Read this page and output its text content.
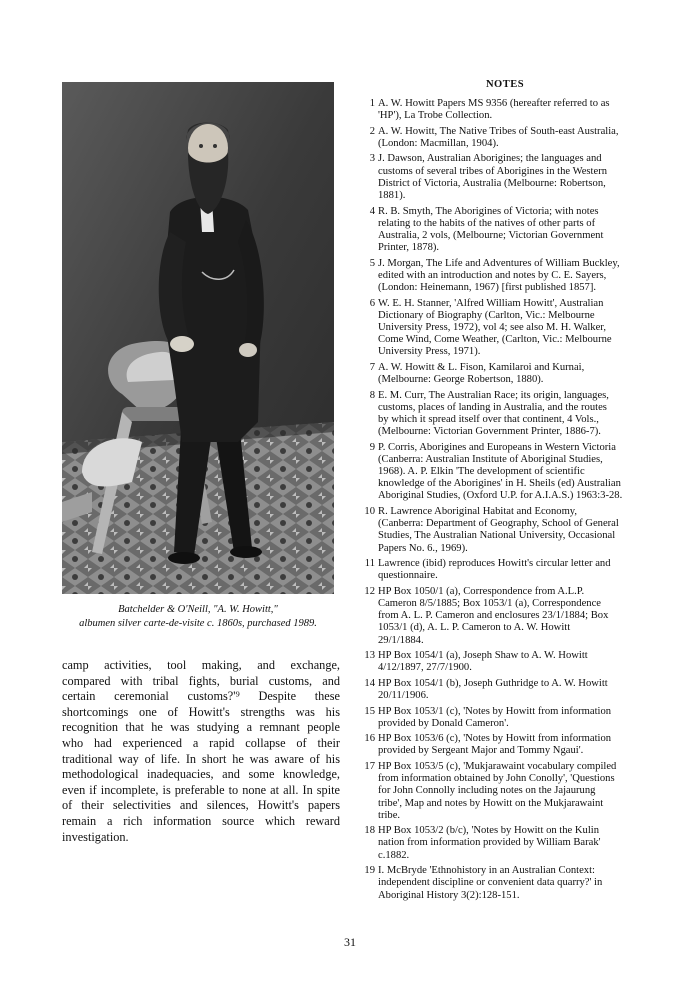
Batchelder & O'Neill, "A. W. Howitt,"
albumen silver carte-de-visite c. 1860s, purchased 1989.
camp activities, tool making, and exchange,
compared with tribal fights, burial customs, and
certain ceremonial customs?'⁹ Despite these
shortcomings one of Howitt's strengths was his
recognition that he was studying a remnant people
who had experienced a rapid collapse of their
traditional way of life. In short he was aware of his
methodological inadequacies, and some knowledge,
even if incomplete, is preferable to none at all. In spite
of their selectivities and silences, Howitt's papers
remain a rich information source which reward
investigation.
NOTES
1 A. W. Howitt Papers MS 9356 (hereafter referred to as
'HP'), La Trobe Collection.
2 A. W. Howitt, The Native Tribes of South-east Australia,
(London: Macmillan, 1904).
3 J. Dawson, Australian Aborigines; the languages and
customs of several tribes of Aborigines in the Western
District of Victoria, Australia (Melbourne: Robertson,
1881).
4 R. B. Smyth, The Aborigines of Victoria; with notes
relating to the habits of the natives of other parts of
Australia, 2 vols, (Melbourne; Victorian Government
Printer, 1878).
5 J. Morgan, The Life and Adventures of William Buckley,
edited with an introduction and notes by C. E. Sayers,
(London: Heinemann, 1967) [first published 1857].
6 W. E. H. Stanner, 'Alfred William Howitt', Australian
Dictionary of Biography (Carlton, Vic.: Melbourne
University Press, 1972), vol 4; see also M. H. Walker,
Come Wind, Come Weather, (Carlton, Vic.: Melbourne
University Press, 1971).
7 A. W. Howitt & L. Fison, Kamilaroi and Kurnai,
(Melbourne: George Robertson, 1880).
8 E. M. Curr, The Australian Race; its origin, languages,
customs, places of landing in Australia, and the routes
by which it spread itself over that continent, 4 Vols.,
(Melbourne: Victorian Government Printer, 1886-7).
9 P. Corris, Aborigines and Europeans in Western Victoria
(Canberra: Australian Institute of Aboriginal Studies,
1968). A. P. Elkin 'The development of scientific
knowledge of the Aborigines' in H. Sheils (ed) Australian
Aboriginal Studies, (Oxford U.P. for A.I.A.S.) 1963:3-28.
10 R. Lawrence Aboriginal Habitat and Economy,
(Canberra: Department of Geography, School of General
Studies, The Australian National University, Occasional
Papers No. 6., 1969).
11 Lawrence (ibid) reproduces Howitt's circular letter and
questionnaire.
12 HP Box 1050/1 (a), Correspondence from A.L.P.
Cameron 8/5/1885; Box 1053/1 (a), Correspondence
from A. L. P. Cameron and enclosures 23/1/1884; Box
1053/1 (d), A. L. P. Cameron to A. W. Howitt
29/1/1884.
13 HP Box 1054/1 (a), Joseph Shaw to A. W. Howitt
4/12/1897, 27/7/1900.
14 HP Box 1054/1 (b), Joseph Guthridge to A. W. Howitt
20/11/1906.
15 HP Box 1053/1 (c), 'Notes by Howitt from information
provided by Donald Cameron'.
16 HP Box 1053/6 (c), 'Notes by Howitt from information
provided by Sergeant Major and Tommy Ngaui'.
17 HP Box 1053/5 (c), 'Mukjarawaint vocabulary compiled
from information obtained by John Conolly', 'Questions
for John Connolly including notes on the Jajaurung
tribe', Map and notes by Howitt on the Mukjarawaint
tribe.
18 HP Box 1053/2 (b/c), 'Notes by Howitt on the Kulin
nation from information provided by William Barak'
c.1882.
19 I. McBryde 'Ethnohistory in an Australian Context:
independent discipline or convenient data quarry?' in
Aboriginal History 3(2):128-151.
31
